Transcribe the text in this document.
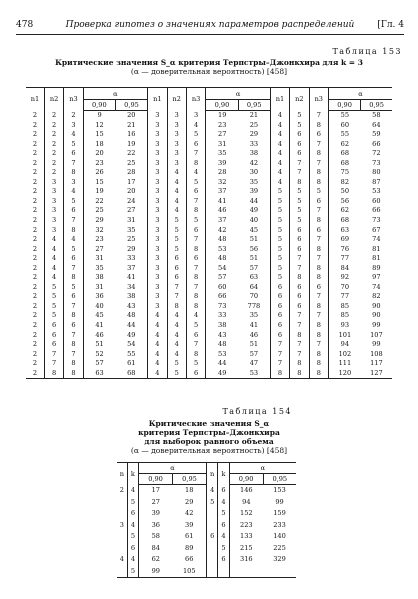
478	Проверка гипотез о значениях параметров распределений	[Гл. 4
Таблица 153
Критические значения S_α критерия Терпстры–Джонкхира для k = 3
(α — доверительная вероятность) [458]
n1	n2	n3	α		n1	n2	n3	α		n1	n2	n3	α	
			0,90	0,95				0,90	0,95				0,90	0,95
2	2	2	9	20	3	3	3	19	21	4	5	7	55	58
2	2	3	12	21	3	3	4	23	25	4	5	8	60	64
2	2	4	15	16	3	3	5	27	29	4	6	6	55	59
2	2	5	18	19	3	3	6	31	33	4	6	7	62	66
2	2	6	20	22	3	3	7	35	38	4	6	8	68	72
2	2	7	23	25	3	3	8	39	42	4	7	7	68	73
2	2	8	26	28	3	4	4	28	30	4	7	8	75	80
2	3	3	15	17	3	4	5	32	35	4	8	8	82	87
2	3	4	19	20	3	4	6	37	39	5	5	5	50	53
2	3	5	22	24	3	4	7	41	44	5	5	6	56	60
2	3	6	25	27	3	4	8	46	49	5	5	7	62	66
2	3	7	29	31	3	5	5	37	40	5	5	8	68	73
2	3	8	32	35	3	5	6	42	45	5	6	6	63	67
2	4	4	23	25	3	5	7	48	51	5	6	7	69	74
2	4	5	27	29	3	5	8	53	56	5	6	8	76	81
2	4	6	31	33	3	6	6	48	51	5	7	7	77	81
2	4	7	35	37	3	6	7	54	57	5	7	8	84	89
2	4	8	38	41	3	6	8	57	63	5	8	8	92	97
2	5	5	31	34	3	7	7	60	64	6	6	6	70	74
2	5	6	36	38	3	7	8	66	70	6	6	7	77	82
2	5	7	40	43	3	8	8	73	778	6	6	8	85	90
2	5	8	45	48	4	4	4	33	35	6	7	7	85	90
2	6	6	41	44	4	4	5	38	41	6	7	8	93	99
2	6	7	46	49	4	4	6	43	46	6	8	8	101	107
2	6	8	51	54	4	4	7	48	51	7	7	7	94	99
2	7	7	52	55	4	4	8	53	57	7	7	8	102	108
2	7	8	57	61	4	5	5	44	47	7	8	8	111	117
2	8	8	63	68	4	5	6	49	53	8	8	8	120	127
Таблица 154
Критические значения S_α
критерия Терпстры–Джонкхира
для выборок равного объема
(α — доверительная вероятность) [458]
n	k	α		n	k	α	
		0,90	0,95			0,90	0,95
2	4	17	18	4	6	146	153
	5	27	29	5	4	94	99
	6	39	42		5	152	159
3	4	36	39		6	223	233
	5	58	61	6	4	133	140
	6	84	89		5	215	225
4	4	62	66		6	316	329
	5	99	105				
